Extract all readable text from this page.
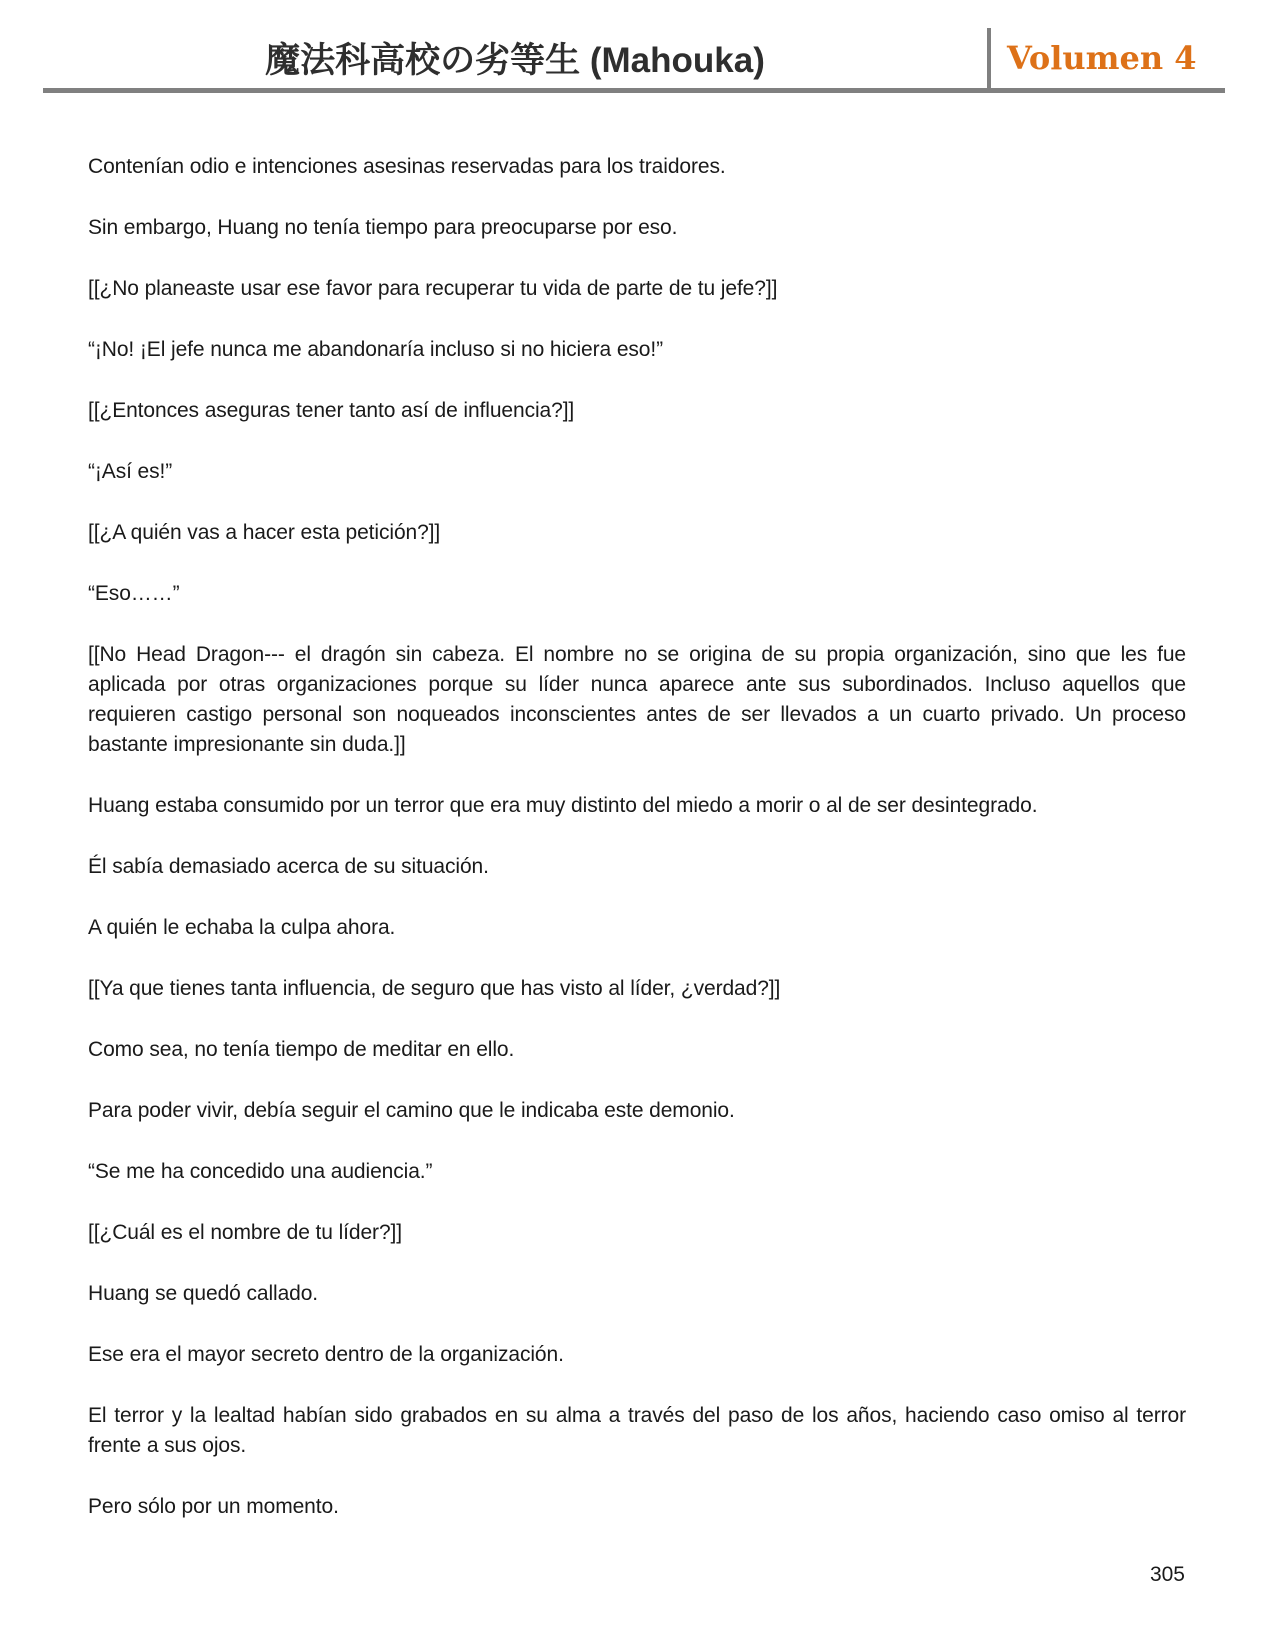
魔法科高校の劣等生 (Mahouka)	Volumen 4

Contenían odio e intenciones asesinas reservadas para los traidores.

Sin embargo, Huang no tenía tiempo para preocuparse por eso.

[[¿No planeaste usar ese favor para recuperar tu vida de parte de tu jefe?]]

“¡No! ¡El jefe nunca me abandonaría incluso si no hiciera eso!”

[[¿Entonces aseguras tener tanto así de influencia?]]

“¡Así es!”

[[¿A quién vas a hacer esta petición?]]

“Eso……”

[[No Head Dragon--- el dragón sin cabeza. El nombre no se origina de su propia organización, sino que les fue aplicada por otras organizaciones porque su líder nunca aparece ante sus subordinados. Incluso aquellos que requieren castigo personal son noqueados inconscientes antes de ser llevados a un cuarto privado. Un proceso bastante impresionante sin duda.]]

Huang estaba consumido por un terror que era muy distinto del miedo a morir o al de ser desintegrado.

Él sabía demasiado acerca de su situación.

A quién le echaba la culpa ahora.

[[Ya que tienes tanta influencia, de seguro que has visto al líder, ¿verdad?]]

Como sea, no tenía tiempo de meditar en ello.

Para poder vivir, debía seguir el camino que le indicaba este demonio.

“Se me ha concedido una audiencia.”

[[¿Cuál es el nombre de tu líder?]]

Huang se quedó callado.

Ese era el mayor secreto dentro de la organización.

El terror y la lealtad habían sido grabados en su alma a través del paso de los años, haciendo caso omiso al terror frente a sus ojos.

Pero sólo por un momento.

305
